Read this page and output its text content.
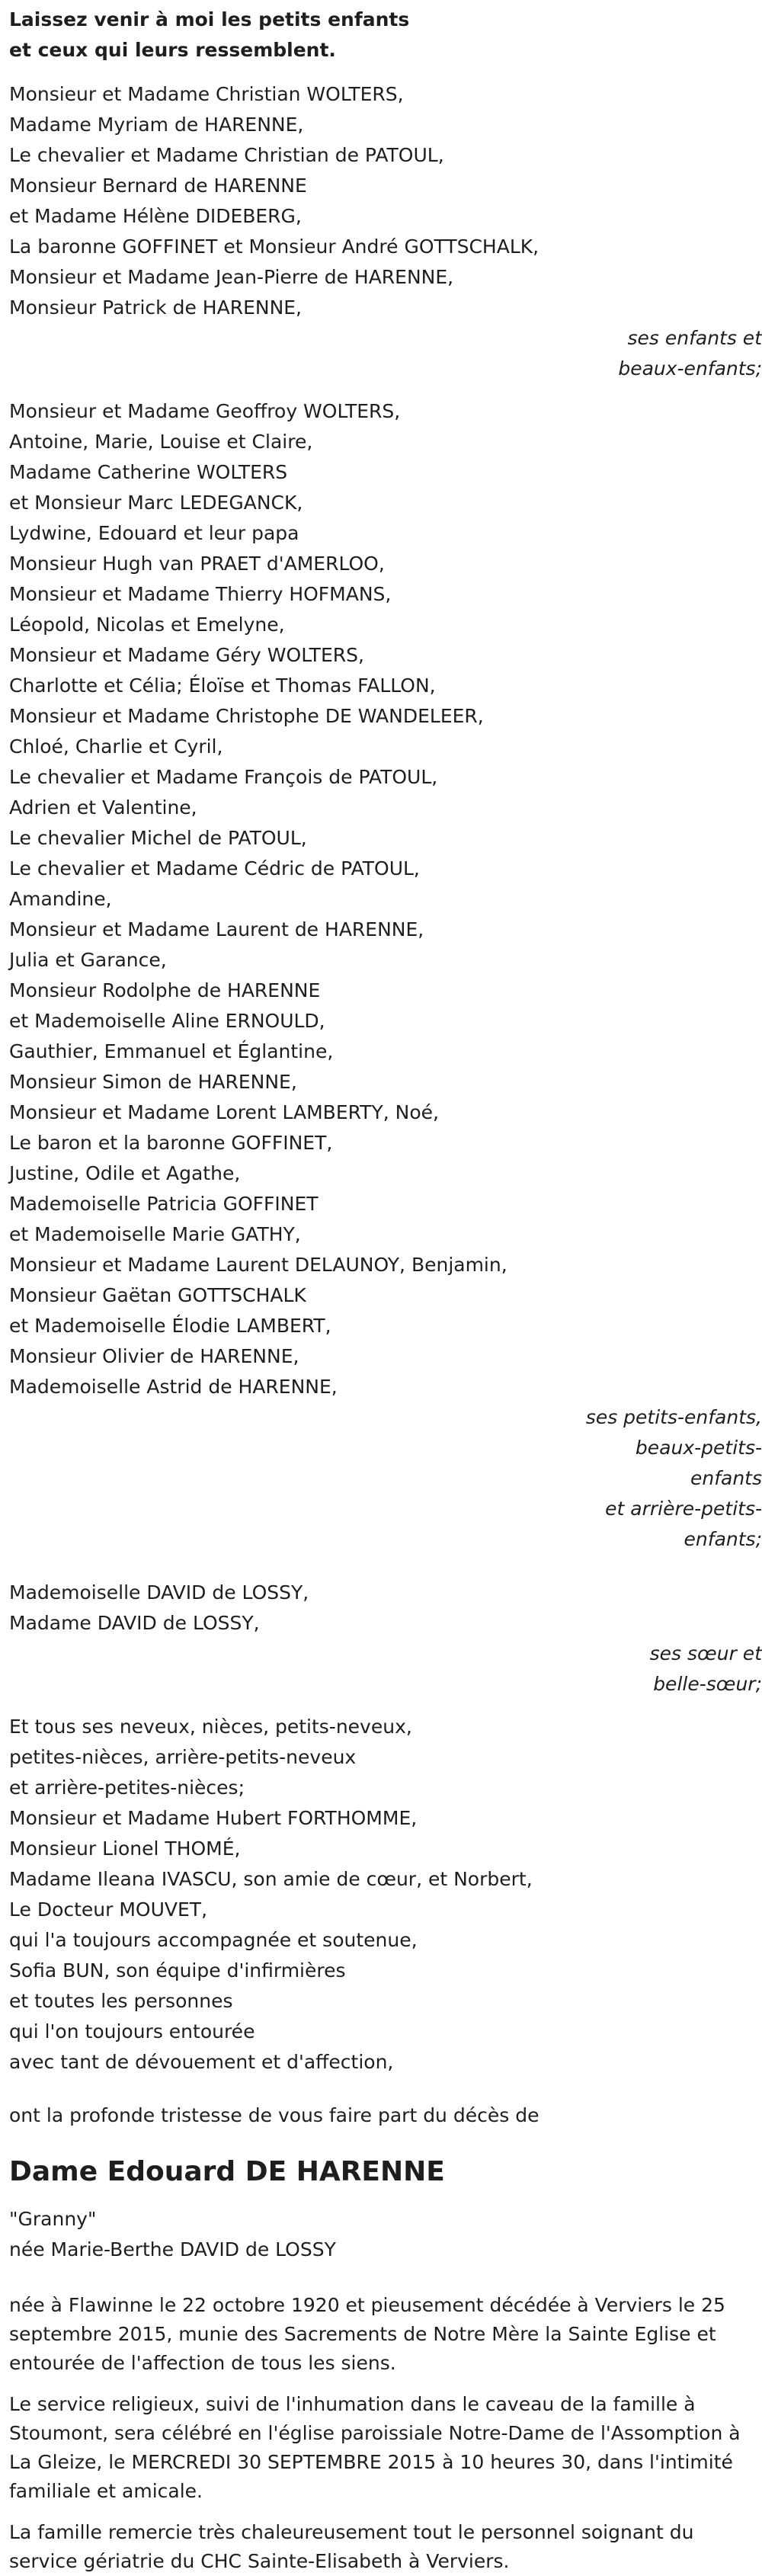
Laissez venir à moi les petits enfants
et ceux qui leurs ressemblent.
Monsieur et Madame Christian WOLTERS,
Madame Myriam de HARENNE,
Le chevalier et Madame Christian de PATOUL,
Monsieur Bernard de HARENNE
et Madame Hélène DIDEBERG,
La baronne GOFFINET et Monsieur André GOTTSCHALK,
Monsieur et Madame Jean-Pierre de HARENNE,
Monsieur Patrick de HARENNE,
ses enfants et
beaux-enfants;
Monsieur et Madame Geoffroy WOLTERS,
Antoine, Marie, Louise et Claire,
Madame Catherine WOLTERS
et Monsieur Marc LEDEGANCK,
Lydwine, Edouard et leur papa
Monsieur Hugh van PRAET d'AMERLOO,
Monsieur et Madame Thierry HOFMANS,
Léopold, Nicolas et Emelyne,
Monsieur et Madame Géry WOLTERS,
Charlotte et Célia; Éloïse et Thomas FALLON,
Monsieur et Madame Christophe DE WANDELEER,
Chloé, Charlie et Cyril,
Le chevalier et Madame François de PATOUL,
Adrien et Valentine,
Le chevalier Michel de PATOUL,
Le chevalier et Madame Cédric de PATOUL,
Amandine,
Monsieur et Madame Laurent de HARENNE,
Julia et Garance,
Monsieur Rodolphe de HARENNE
et Mademoiselle Aline ERNOULD,
Gauthier, Emmanuel et Églantine,
Monsieur Simon de HARENNE,
Monsieur et Madame Lorent LAMBERTY, Noé,
Le baron et la baronne GOFFINET,
Justine, Odile et Agathe,
Mademoiselle Patricia GOFFINET
et Mademoiselle Marie GATHY,
Monsieur et Madame Laurent DELAUNOY, Benjamin,
Monsieur Gaëtan GOTTSCHALK
et Mademoiselle Élodie LAMBERT,
Monsieur Olivier de HARENNE,
Mademoiselle Astrid de HARENNE,
ses petits-enfants,
beaux-petits-
enfants
et arrière-petits-
enfants;
Mademoiselle DAVID de LOSSY,
Madame DAVID de LOSSY,
ses sœur et
belle-sœur;
Et tous ses neveux, nièces, petits-neveux,
petites-nièces, arrière-petits-neveux
et arrière-petites-nièces;
Monsieur et Madame Hubert FORTHOMME,
Monsieur Lionel THOMÉ,
Madame Ileana IVASCU, son amie de cœur, et Norbert,
Le Docteur MOUVET,
qui l'a toujours accompagnée et soutenue,
Sofia BUN, son équipe d'infirmières
et toutes les personnes
qui l'on toujours entourée
avec tant de dévouement et d'affection,
ont la profonde tristesse de vous faire part du décès de
Dame Edouard DE HARENNE
"Granny"
née Marie-Berthe DAVID de LOSSY
née à Flawinne le 22 octobre 1920 et pieusement décédée à Verviers le 25 septembre 2015, munie des Sacrements de Notre Mère la Sainte Eglise et entourée de l'affection de tous les siens.
Le service religieux, suivi de l'inhumation dans le caveau de la famille à Stoumont, sera célébré en l'église paroissiale Notre-Dame de l'Assomption à La Gleize, le MERCREDI 30 SEPTEMBRE 2015 à 10 heures 30, dans l'intimité familiale et amicale.
La famille remercie très chaleureusement tout le personnel soignant du service gériatrie du CHC Sainte-Elisabeth à Verviers.
